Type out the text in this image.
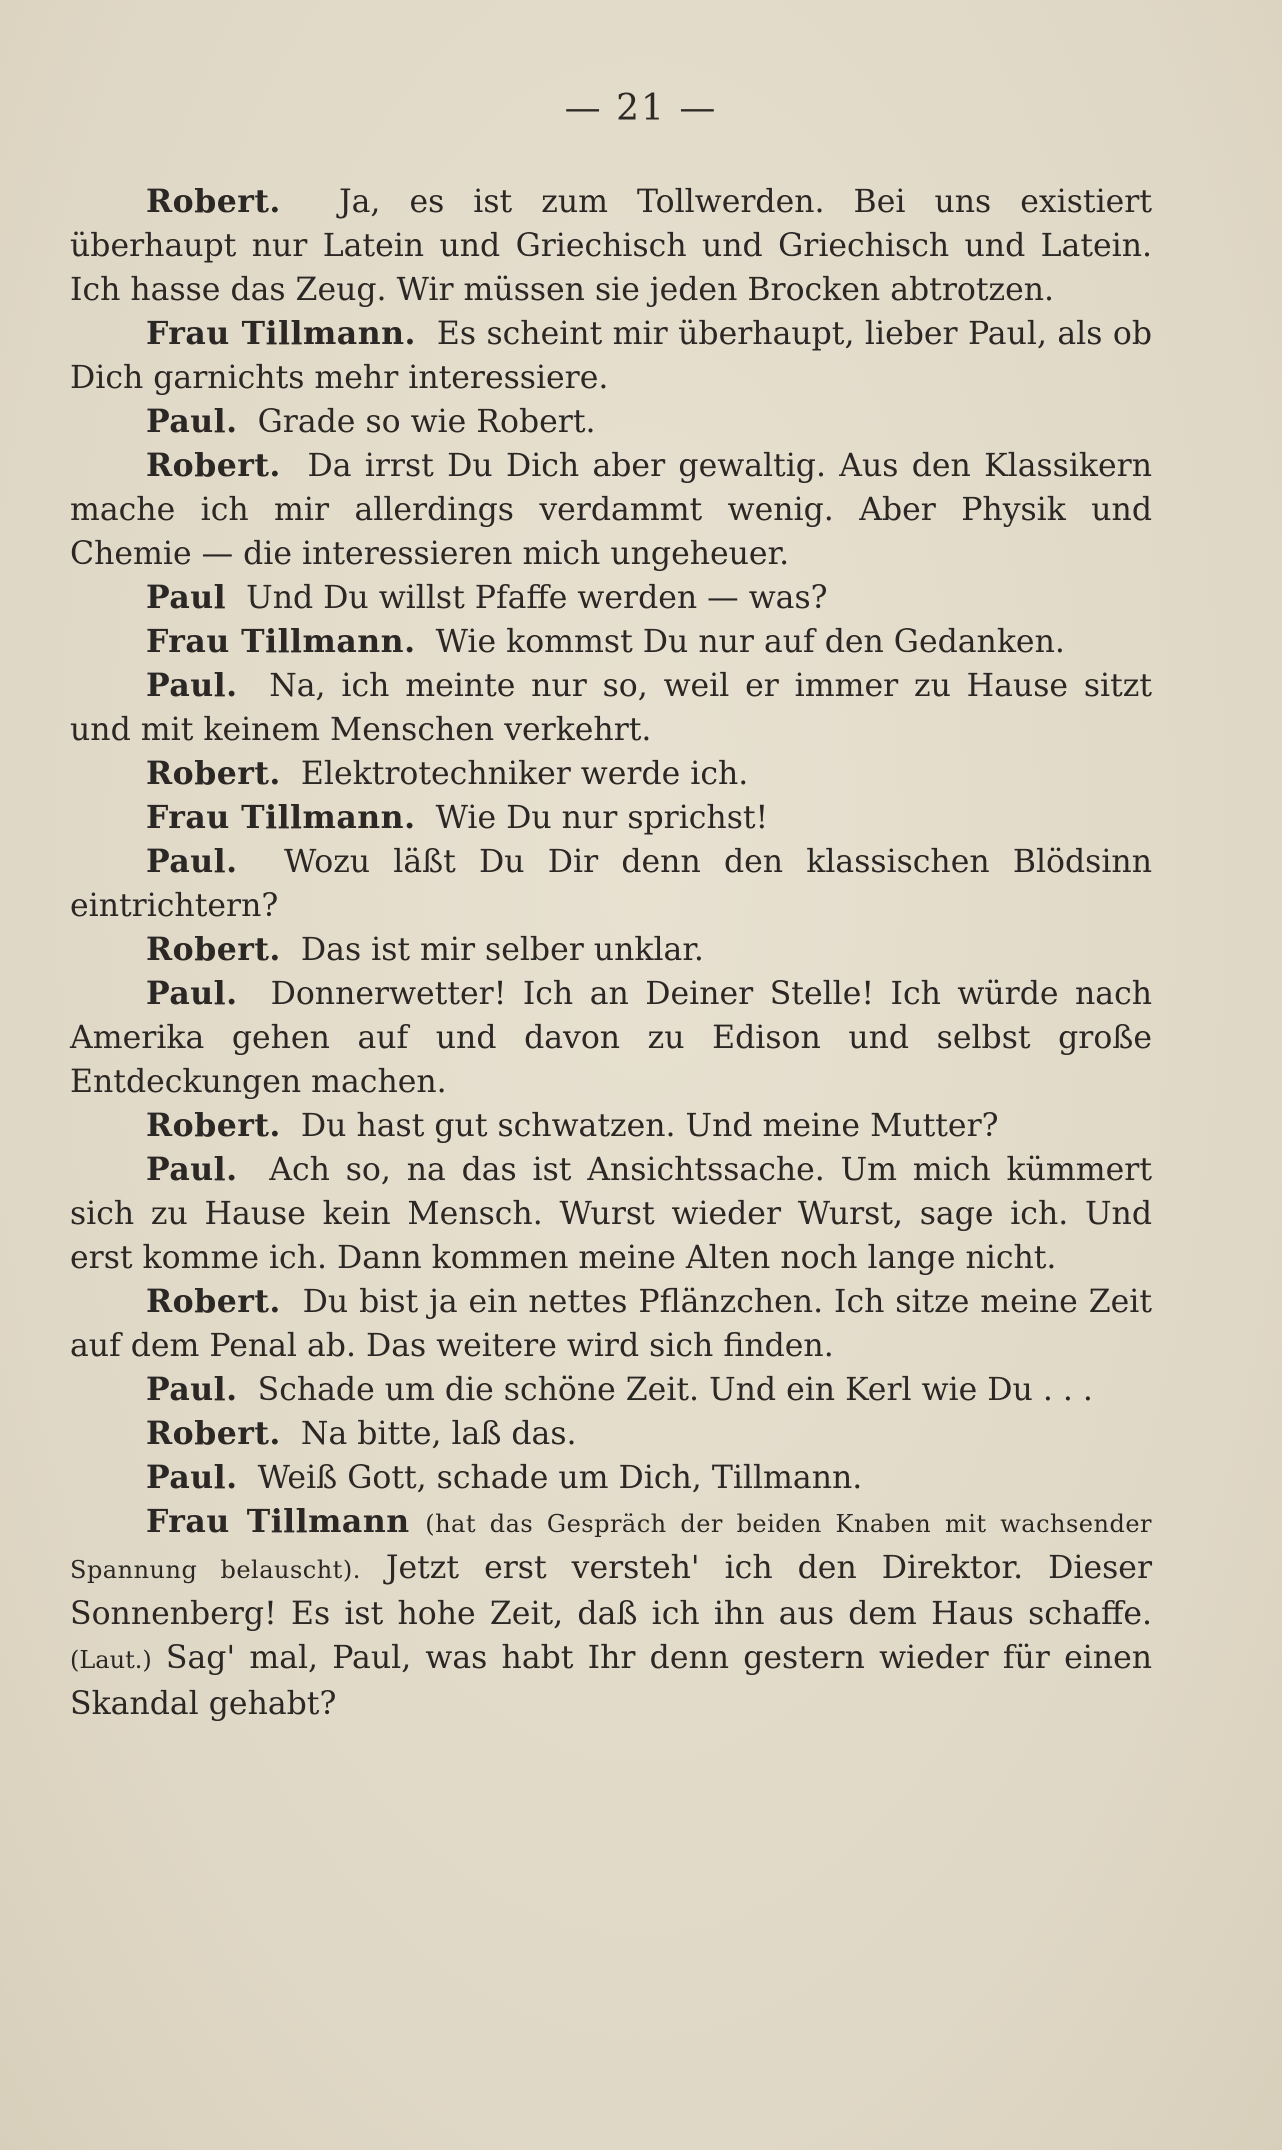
— 21 —

Robert. Ja, es ist zum Tollwerden. Bei uns existiert überhaupt nur Latein und Griechisch und Griechisch und Latein. Ich hasse das Zeug. Wir müssen sie jeden Brocken abtrotzen.

Frau Tillmann. Es scheint mir überhaupt, lieber Paul, als ob Dich garnichts mehr interessiere.

Paul. Grade so wie Robert.

Robert. Da irrst Du Dich aber gewaltig. Aus den Klassikern mache ich mir allerdings verdammt wenig. Aber Physik und Chemie — die interessieren mich ungeheuer.

Paul Und Du willst Pfaffe werden — was?

Frau Tillmann. Wie kommst Du nur auf den Gedanken.

Paul. Na, ich meinte nur so, weil er immer zu Hause sitzt und mit keinem Menschen verkehrt.

Robert. Elektrotechniker werde ich.

Frau Tillmann. Wie Du nur sprichst!

Paul. Wozu läßt Du Dir denn den klassischen Blödsinn eintrichtern?

Robert. Das ist mir selber unklar.

Paul. Donnerwetter! Ich an Deiner Stelle! Ich würde nach Amerika gehen auf und davon zu Edison und selbst große Entdeckungen machen.

Robert. Du hast gut schwatzen. Und meine Mutter?

Paul. Ach so, na das ist Ansichtssache. Um mich kümmert sich zu Hause kein Mensch. Wurst wieder Wurst, sage ich. Und erst komme ich. Dann kommen meine Alten noch lange nicht.

Robert. Du bist ja ein nettes Pflänzchen. Ich sitze meine Zeit auf dem Penal ab. Das weitere wird sich finden.

Paul. Schade um die schöne Zeit. Und ein Kerl wie Du . . .

Robert. Na bitte, laß das.

Paul. Weiß Gott, schade um Dich, Tillmann.

Frau Tillmann (hat das Gespräch der beiden Knaben mit wachsender Spannung belauscht). Jetzt erst versteh' ich den Direktor. Dieser Sonnenberg! Es ist hohe Zeit, daß ich ihn aus dem Haus schaffe. (Laut.) Sag' mal, Paul, was habt Ihr denn gestern wieder für einen Skandal gehabt?
